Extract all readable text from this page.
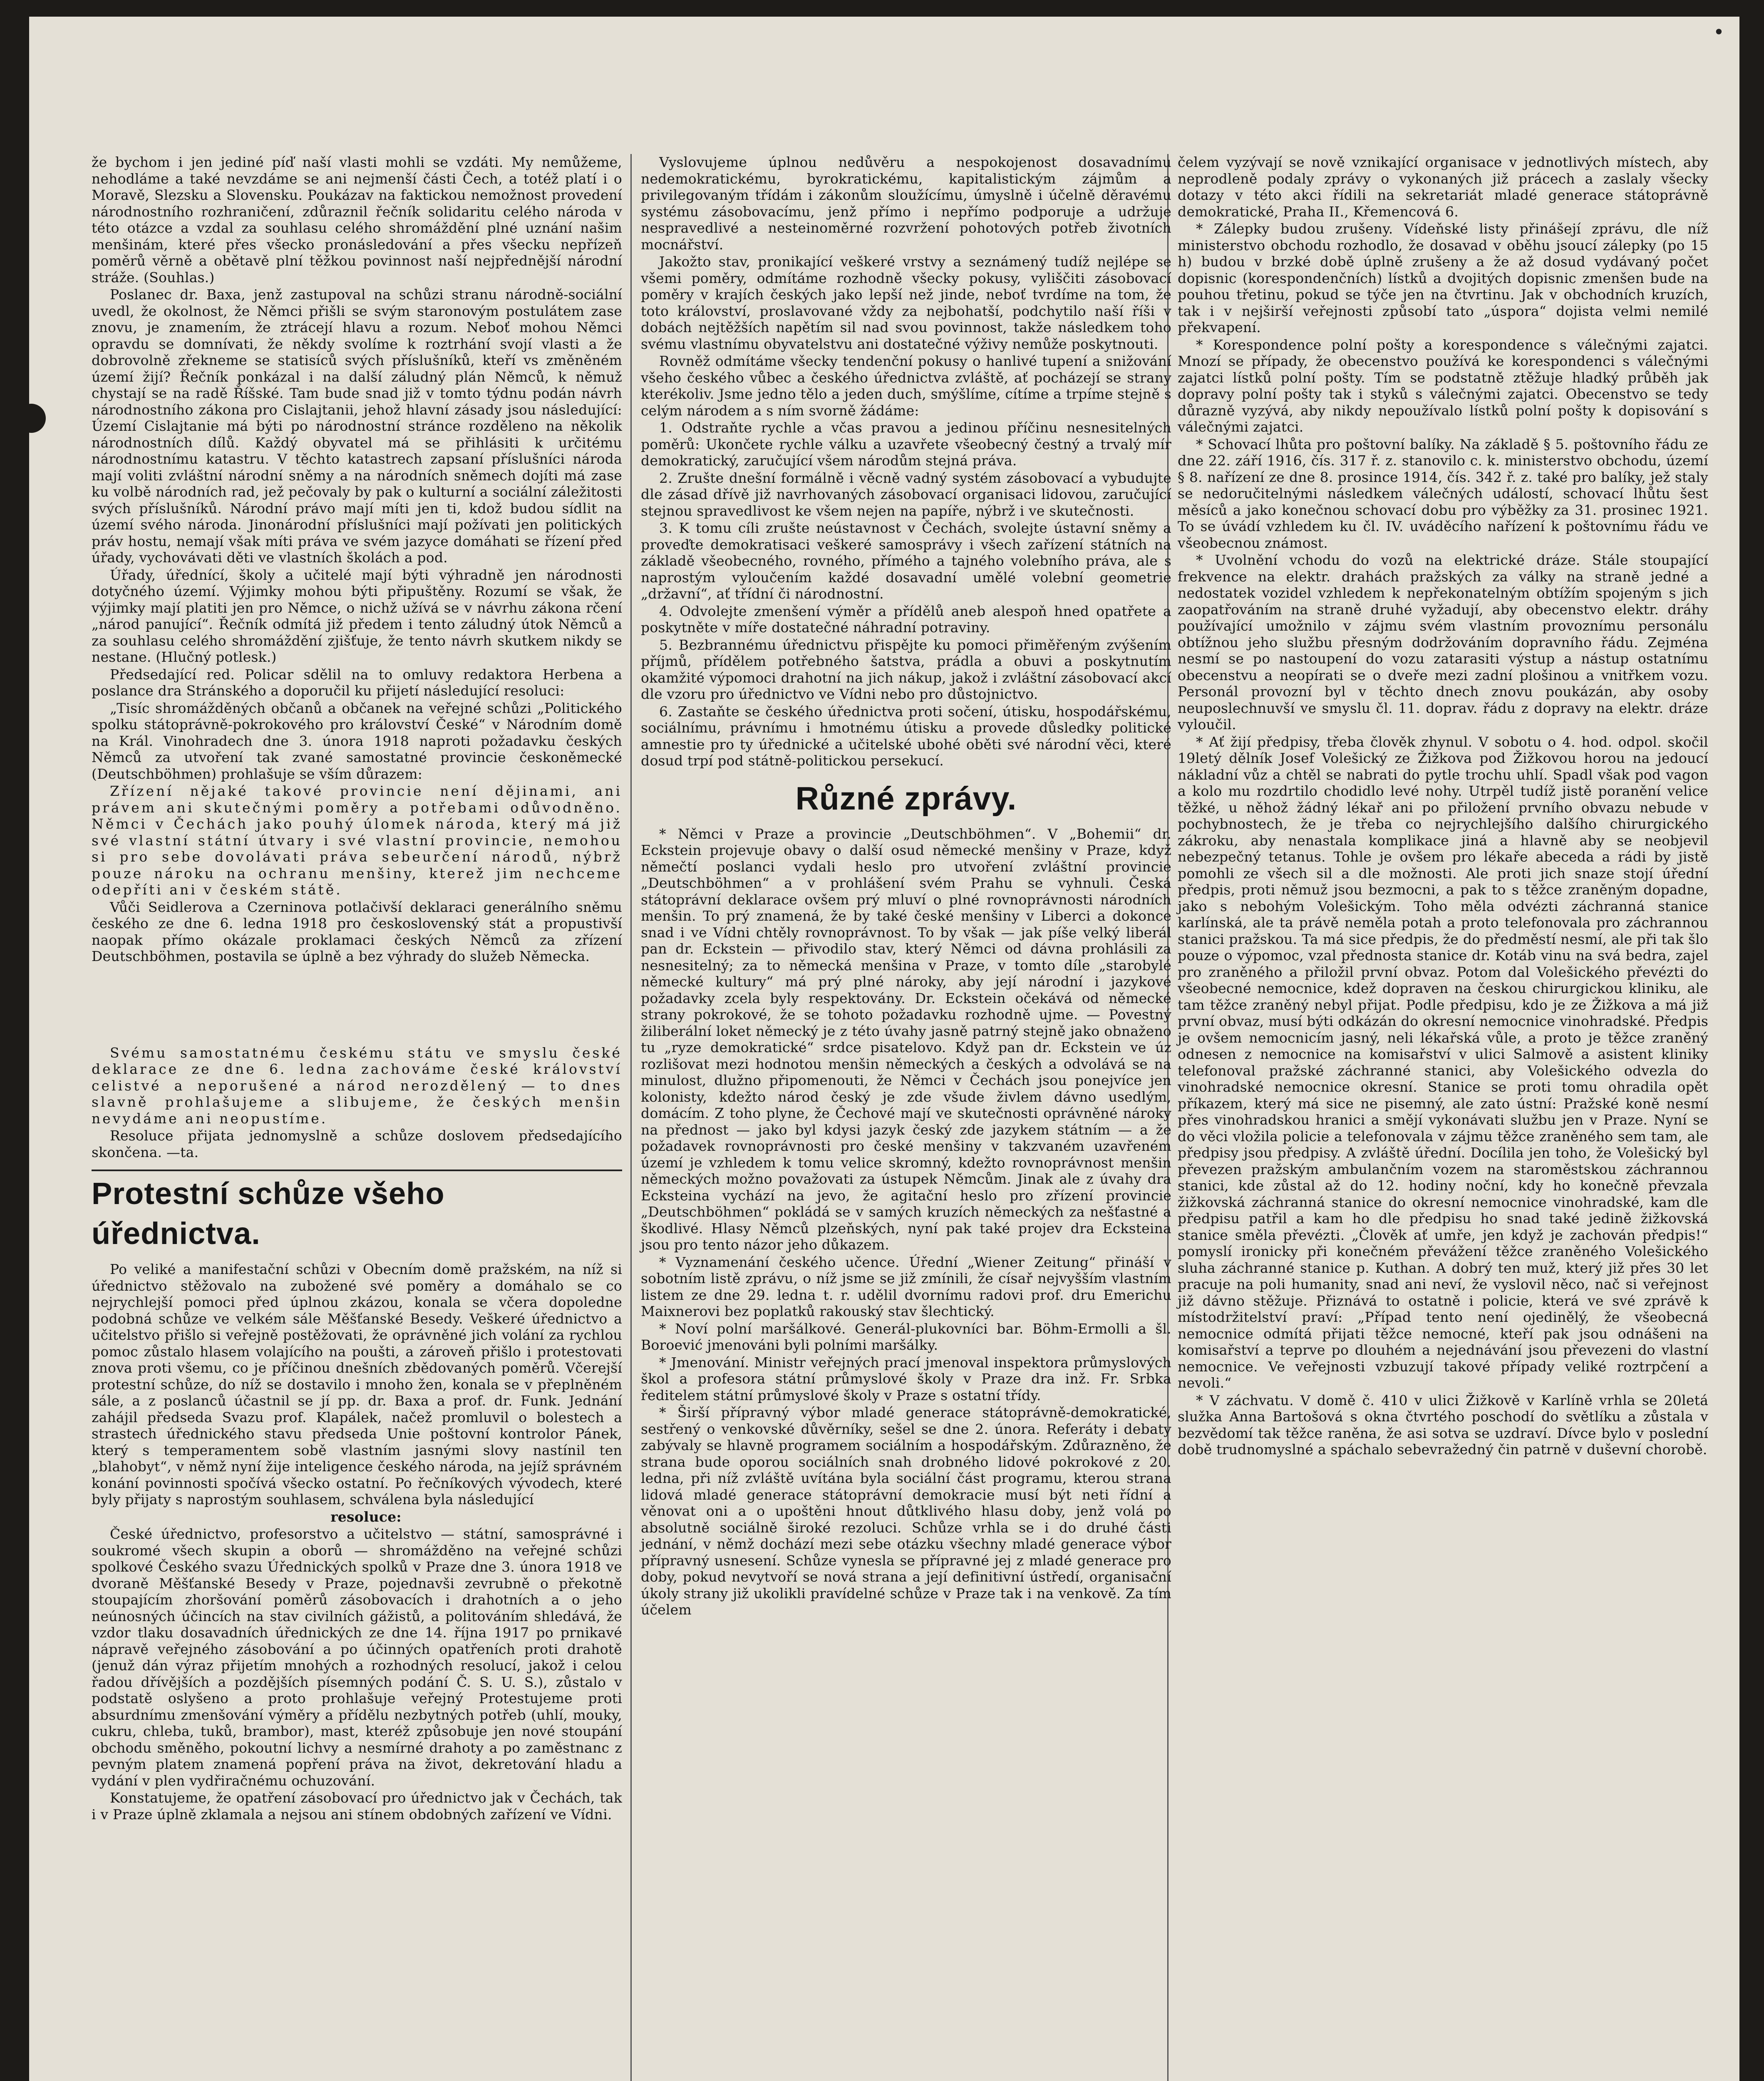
•

že bychom i jen jediné píď naší vlasti mohli se vzdáti. My nemůžeme, nehodláme a také nevzdáme se ani nejmenší části Čech, a totéž platí i o Moravě, Slezsku a Slovensku. Poukázav na faktickou nemožnost provedení národnostního rozhraničení, zdůraznil řečník solidaritu celého národa v této otázce a vzdal za souhlasu celého shromáždění plné uznání našim menšinám, které přes všecko pronásledování a přes všecku nepřízeň poměrů věrně a obětavě plní těžkou povinnost naší nejpřednější národní stráže. (Souhlas.)

Poslanec dr. Baxa, jenž zastupoval na schůzi stranu národně-sociální uvedl, že okolnost, že Němci přišli se svým staronovým postulátem zase znovu, je znamením, že ztrácejí hlavu a rozum. Neboť mohou Němci opravdu se domnívati, že někdy svolíme k roztrhání svojí vlasti a že dobrovolně zřekneme se statisíců svých příslušníků, kteří vs změněném území žijí? Řečník ponkázal i na další záludný plán Němců, k němuž chystají se na radě Říšské. Tam bude snad již v tomto týdnu podán návrh národnostního zákona pro Cislajtanii, jehož hlavní zásady jsou následující: Území Cislajtanie má býti po národnostní stránce rozděleno na několik národnostních dílů. Každý obyvatel má se přihlásiti k určitému národnostnímu katastru. V těchto katastrech zapsaní příslušníci národa mají voliti zvláštní národní sněmy a na národních sněmech dojíti má zase ku volbě národních rad, jež pečovaly by pak o kulturní a sociální záležitosti svých příslušníků. Národní právo mají míti jen ti, kdož budou sídlit na území svého národa. Jinonárodní příslušníci mají požívati jen politických práv hostu, nemají však míti práva ve svém jazyce domáhati se řízení před úřady, vychovávati děti ve vlastních školách a pod.

Úřady, úřednící, školy a učitelé mají býti výhradně jen národnosti dotyčného území. Výjimky mohou býti připuštěny. Rozumí se však, že výjimky mají platiti jen pro Němce, o nichž užívá se v návrhu zákona rčení „národ panující“. Řečník odmítá již předem i tento záludný útok Němců a za souhlasu celého shromáždění zjišťuje, že tento návrh skutkem nikdy se nestane. (Hlučný potlesk.)

Předsedající red. Policar sdělil na to omluvy redaktora Herbena a poslance dra Stránského a doporučil ku přijetí následující resoluci:

„Tisíc shromážděných občanů a občanek na veřejné schůzi „Politického spolku státoprávně-pokrokového pro království České“ v Národním domě na Král. Vinohradech dne 3. února 1918 naproti požadavku českých Němců za utvoření tak zvané samostatné provincie českoněmecké (Deutschböhmen) prohlašuje se vším důrazem:

Zřízení nějaké takové provincie není dějinami, ani právem ani skutečnými poměry a potřebami odůvodněno. Němci v Čechách jako pouhý úlomek národa, který má již své vlastní státní útvary i své vlastní provincie, nemohou si pro sebe dovolávati práva sebeurčení národů, nýbrž pouze nároku na ochranu menšiny, kterež jim nechceme odepříti ani v českém státě.

Vůči Seidlerova a Czerninova potlačivší deklaraci generálního sněmu českého ze dne 6. ledna 1918 pro československý stát a propustivší naopak přímo okázale proklamaci českých Němců za zřízení Deutschböhmen, postavila se úplně a bez výhrady do služeb Německa.

Svému samostatnému českému státu ve smyslu české deklarace ze dne 6. ledna zachováme české království celistvé a neporušené a národ nerozdělený — to dnes slavně prohlašujeme a slibujeme, že českých menšin nevydáme ani neopustíme.

Resoluce přijata jednomyslně a schůze doslovem předsedajícího skončena. —ta.

Protestní schůze všeho úřednictva.

Po veliké a manifestační schůzi v Obecním domě pražském, na níž si úřednictvo stěžovalo na zubožené své poměry a domáhalo se co nejrychlejší pomoci před úplnou zkázou, konala se včera dopoledne podobná schůze ve velkém sále Měšťanské Besedy. Veškeré úřednictvo a učitelstvo přišlo si veřejně postěžovati, že oprávněné jich volání za rychlou pomoc zůstalo hlasem volajícího na poušti, a zároveň přišlo i protestovati znova proti všemu, co je příčinou dnešních zbědovaných poměrů. Včerejší protestní schůze, do níž se dostavilo i mnoho žen, konala se v přeplněném sále, a z poslanců účastnil se jí pp. dr. Baxa a prof. dr. Funk. Jednání zahájil předseda Svazu prof. Klapálek, načež promluvil o bolestech a strastech úřednického stavu předseda Unie poštovní kontrolor Pánek, který s temperamentem sobě vlastním jasnými slovy nastínil ten „blahobyt“, v němž nyní žije inteligence českého národa, na jejíž správném konání povinnosti spočívá všecko ostatní. Po řečníkových vývodech, které byly přijaty s naprostým souhlasem, schválena byla následující

resoluce:

České úřednictvo, profesorstvo a učitelstvo — státní, samosprávné i soukromé všech skupin a oborů — shromážděno na veřejné schůzi spolkové Českého svazu Úřednických spolků v Praze dne 3. února 1918 ve dvoraně Měšťanské Besedy v Praze, pojednavši zevrubně o překotně stoupajícím zhoršování poměrů zásobovacích i drahotních a o jeho neúnosných účincích na stav civilních gážistů, a politováním shledává, že vzdor tlaku dosavadních úřednických ze dne 14. října 1917 po prnikavé nápravě veřejného zásobování a po účinných opatřeních proti drahotě (jenuž dán výraz přijetím mnohých a rozhodných resolucí, jakož i celou řadou dřívějších a pozdějších písemných podání Č. S. U. S.), zůstalo v podstatě oslyšeno a proto prohlašuje veřejný Protestujeme proti absurdnímu zmenšování výměry a přídělu nezbytných potřeb (uhlí, mouky, cukru, chleba, tuků, brambor), mast, kteréž způsobuje jen nové stoupání obchodu směněho, pokoutní lichvy a nesmírné drahoty a po zaměstnanc z pevným platem znamená popření práva na život, dekretování hladu a vydání v plen vydřiračnému ochuzování.

Konstatujeme, že opatření zásobovací pro úřednictvo jak v Čechách, tak i v Praze úplně zklamala a nejsou ani stínem obdobných zařízení ve Vídni.

Vyslovujeme úplnou nedůvěru a nespokojenost dosavadnímu nedemokratickému, byrokratickému, kapitalistickým zájmům a privilegovaným třídám i zákonům sloužícímu, úmyslně i účelně děravému systému zásobovacímu, jenž přímo i nepřímo podporuje a udržuje nespravedlivé a nesteinoměrné rozvržení pohotových potřeb životních mocnářství.

Jakožto stav, pronikající veškeré vrstvy a seznámený tudíž nejlépe se všemi poměry, odmítáme rozhodně všecky pokusy, vyliščiti zásobovací poměry v krajích českých jako lepší než jinde, neboť tvrdíme na tom, že toto království, proslavované vždy za nejbohatší, podchytilo naší říši v dobách nejtěžších napětím sil nad svou povinnost, takže následkem toho svému vlastnímu obyvatelstvu ani dostatečné výživy nemůže poskytnouti.

Rovněž odmítáme všecky tendenční pokusy o hanlivé tupení a snižování všeho českého vůbec a českého úřednictva zvláště, ať pocházejí se strany kterékoliv. Jsme jedno tělo a jeden duch, smýšlíme, cítíme a trpíme stejně s celým národem a s ním svorně žádáme:

1. Odstraňte rychle a včas pravou a jedinou příčinu nesnesitelných poměrů: Ukončete rychle válku a uzavřete všeobecný čestný a trvalý mír demokratický, zaručující všem národům stejná práva.

2. Zrušte dnešní formálně i věcně vadný systém zásobovací a vybudujte dle zásad dřívě již navrhovaných zásobovací organisaci lidovou, zaručující stejnou spravedlivost ke všem nejen na papíře, nýbrž i ve skutečnosti.

3. K tomu cíli zrušte neústavnost v Čechách, svolejte ústavní sněmy a proveďte demokratisaci veškeré samosprávy i všech zařízení státních na základě všeobecného, rovného, přímého a tajného volebního práva, ale s naprostým vyloučením každé dosavadní umělé volební geometrie „državní“, ať třídní či národnostní.

4. Odvolejte zmenšení výměr a přídělů aneb alespoň hned opatřete a poskytněte v míře dostatečné náhradní potraviny.

5. Bezbrannému úřednictvu přispějte ku pomoci přiměřeným zvýšením příjmů, přídělem potřebného šatstva, prádla a obuvi a poskytnutím okamžité výpomoci drahotní na jich nákup, jakož i zvláštní zásobovací akcí dle vzoru pro úřednictvo ve Vídni nebo pro důstojnictvo.

6. Zastaňte se českého úřednictva proti sočení, útisku, hospodářskému, sociálnímu, právnímu i hmotnému útisku a provede důsledky politické amnestie pro ty úřednické a učitelské ubohé oběti své národní věci, které dosud trpí pod státně-politickou persekucí.

Různé zprávy.

* Němci v Praze a provincie „Deutschböhmen“. V „Bohemii“ dr. Eckstein projevuje obavy o další osud německé menšiny v Praze, když němečtí poslanci vydali heslo pro utvoření zvláštní provincie „Deutschböhmen“ a v prohlášení svém Prahu se vyhnuli. Česká státoprávní deklarace ovšem prý mluví o plné rovnoprávnosti národních menšin. To prý znamená, že by také české menšiny v Liberci a dokonce snad i ve Vídni chtěly rovnoprávnost. To by však — jak píše velký liberál pan dr. Eckstein — přivodilo stav, který Němci od dávna prohlásili za nesnesitelný; za to německá menšina v Praze, v tomto díle „starobylé německé kultury“ má prý plné nároky, aby její národní i jazykové požadavky zcela byly respektovány. Dr. Eckstein očekává od německé strany pokrokové, že se tohoto požadavku rozhodně ujme. — Povestný žiliberální loket německý je z této úvahy jasně patrný stejně jako obnaženo tu „ryze demokratické“ srdce pisatelovo. Když pan dr. Eckstein ve úz rozlišovat mezi hodnotou menšin německých a českých a odvolává se na minulost, dlužno připomenouti, že Němci v Čechách jsou ponejvíce jen kolonisty, kdežto národ český je zde všude živlem dávno usedlým, domácím. Z toho plyne, že Čechové mají ve skutečnosti oprávněné nároky na přednost — jako byl kdysi jazyk český zde jazykem státním — a že požadavek rovnoprávnosti pro české menšiny v takzvaném uzavřeném území je vzhledem k tomu velice skromný, kdežto rovnoprávnost menšin německých možno považovati za ústupek Němcům. Jinak ale z úvahy dra Ecksteina vychází na jevo, že agitační heslo pro zřízení provincie „Deutschböhmen“ pokládá se v samých kruzích německých za nešťastné a škodlivé. Hlasy Němců plzeňských, nyní pak také projev dra Ecksteina jsou pro tento názor jeho důkazem.

* Vyznamenání českého učence. Úřední „Wiener Zeitung“ přináší v sobotním listě zprávu, o níž jsme se již zmínili, že císař nejvyšším vlastním listem ze dne 29. ledna t. r. udělil dvornímu radovi prof. dru Emerichu Maixnerovi bez poplatků rakouský stav šlechtický.

* Noví polní maršálkové. Generál-plukovníci bar. Böhm-Ermolli a šl. Boroević jmenováni byli polními maršálky.

* Jmenování. Ministr veřejných prací jmenoval inspektora průmyslových škol a profesora státní průmyslové školy v Praze dra inž. Fr. Srbka ředitelem státní průmyslové školy v Praze s ostatní třídy.

* Širší přípravný výbor mladé generace státoprávně-demokratické, sestřený o venkovské důvěrníky, sešel se dne 2. února. Referáty i debaty zabývaly se hlavně programem sociálním a hospodářským. Zdůrazněno, že strana bude oporou sociálních snah drobného lidové pokrokové z 20. ledna, při níž zvláště uvítána byla sociální část programu, kterou strana lidová mladé generace státoprávní demokracie musí být neti řídní a věnovat oni a o upoštěni hnout důtklivého hlasu doby, jenž volá po absolutně sociálně široké rezoluci. Schůze vrhla se i do druhé části jednání, v němž dochází mezi sebe otázku všechny mladé generace výbor přípravný usnesení. Schůze vynesla se přípravné jej z mladé generace pro doby, pokud nevytvoří se nová strana a její definitivní ústředí, organisační úkoly strany již ukolikli pravídelné schůze v Praze tak i na venkově. Za tím účelem

čelem vyzývají se nově vznikající organisace v jednotlivých místech, aby neprodleně podaly zprávy o vykonaných již prácech a zaslaly všecky dotazy v této akci řídili na sekretariát mladé generace státoprávně demokratické, Praha II., Křemencová 6.

* Zálepky budou zrušeny. Vídeňské listy přinášejí zprávu, dle níž ministerstvo obchodu rozhodlo, že dosavad v oběhu jsoucí zálepky (po 15 h) budou v brzké době úplně zrušeny a že až dosud vydávaný počet dopisnic (korespondenčních) lístků a dvojitých dopisnic zmenšen bude na pouhou třetinu, pokud se týče jen na čtvrtinu. Jak v obchodních kruzích, tak i v nejširší veřejnosti způsobí tato „úspora“ dojista velmi nemilé překvapení.

* Korespondence polní pošty a korespondence s válečnými zajatci. Mnozí se případy, že obecenstvo používá ke korespondenci s válečnými zajatci lístků polní pošty. Tím se podstatně ztěžuje hladký průběh jak dopravy polní pošty tak i styků s válečnými zajatci. Obecenstvo se tedy důrazně vyzývá, aby nikdy nepoužívalo lístků polní pošty k dopisování s válečnými zajatci.

* Schovací lhůta pro poštovní balíky. Na základě § 5. poštovního řádu ze dne 22. září 1916, čís. 317 ř. z. stanovilo c. k. ministerstvo obchodu, území § 8. nařízení ze dne 8. prosince 1914, čís. 342 ř. z. také pro balíky, jež staly se nedoručitelnými následkem válečných událostí, schovací lhůtu šest měsíců a jako konečnou schovací dobu pro výběžky za 31. prosinec 1921. To se úvádí vzhledem ku čl. IV. uváděcího nařízení k poštovnímu řádu ve všeobecnou známost.

* Uvolnění vchodu do vozů na elektrické dráze. Stále stoupající frekvence na elektr. drahách pražských za války na straně jedné a nedostatek vozidel vzhledem k nepřekonatelným obtížím spojeným s jich zaopatřováním na straně druhé vyžadují, aby obecenstvo elektr. dráhy používající umožnilo v zájmu svém vlastním provoznímu personálu obtížnou jeho službu přesným dodržováním dopravního řádu. Zejména nesmí se po nastoupení do vozu zatarasiti výstup a nástup ostatnímu obecenstvu a neopírati se o dveře mezi zadní plošinou a vnitřkem vozu. Personál provozní byl v těchto dnech znovu poukázán, aby osoby neuposlechnuvší ve smyslu čl. 11. doprav. řádu z dopravy na elektr. dráze vyloučil.

* Ať žijí předpisy, třeba člověk zhynul. V sobotu o 4. hod. odpol. skočil 19letý dělník Josef Volešický ze Žižkova pod Žižkovou horou na jedoucí nákladní vůz a chtěl se nabrati do pytle trochu uhlí. Spadl však pod vagon a kolo mu rozdrtilo chodidlo levé nohy. Utrpěl tudíž jistě poranění velice těžké, u něhož žádný lékař ani po přiložení prvního obvazu nebude v pochybnostech, že je třeba co nejrychlejšího dalšího chirurgického zákroku, aby nenastala komplikace jiná a hlavně aby se neobjevil nebezpečný tetanus. Tohle je ovšem pro lékaře abeceda a rádi by jistě pomohli ze všech sil a dle možnosti. Ale proti jich snaze stojí úřední předpis, proti němuž jsou bezmocni, a pak to s těžce zraněným dopadne, jako s nebohým Volešickým. Toho měla odvézti záchranná stanice karlínská, ale ta právě neměla potah a proto telefonovala pro záchrannou stanici pražskou. Ta má sice předpis, že do předměstí nesmí, ale při tak šlo pouze o výpomoc, vzal přednosta stanice dr. Kotáb vinu na svá bedra, zajel pro zraněného a přiložil první obvaz. Potom dal Volešického převézti do všeobecné nemocnice, kdež dopraven na českou chirurgickou kliniku, ale tam těžce zraněný nebyl přijat. Podle předpisu, kdo je ze Žižkova a má již první obvaz, musí býti odkázán do okresní nemocnice vinohradské. Předpis je ovšem nemocnicím jasný, neli lékařská vůle, a proto je těžce zraněný odnesen z nemocnice na komisařství v ulici Salmově a asistent kliniky telefonoval pražské záchranné stanici, aby Volešického odvezla do vinohradské nemocnice okresní. Stanice se proti tomu ohradila opět příkazem, který má sice ne pisemný, ale zato ústní: Pražské koně nesmí přes vinohradskou hranici a smějí vykonávati službu jen v Praze. Nyní se do věci vložila policie a telefonovala v zájmu těžce zraněného sem tam, ale předpisy jsou předpisy. A zvláště úřední. Docílila jen toho, že Volešický byl převezen pražským ambulančním vozem na staroměstskou záchrannou stanici, kde zůstal až do 12. hodiny noční, kdy ho konečně převzala žižkovská záchranná stanice do okresní nemocnice vinohradské, kam dle předpisu patřil a kam ho dle předpisu ho snad také jedině žižkovská stanice směla převézti. „Člověk ať umře, jen když je zachován předpis!“ pomyslí ironicky při konečném převážení těžce zraněného Volešického sluha záchranné stanice p. Kuthan. A dobrý ten muž, který již přes 30 let pracuje na poli humanity, snad ani neví, že vyslovil něco, nač si veřejnost již dávno stěžuje. Přiznává to ostatně i policie, která ve své zprávě k místodržitelství praví: „Případ tento není ojedinělý, že všeobecná nemocnice odmítá přijati těžce nemocné, kteří pak jsou odnášeni na komisařství a teprve po dlouhém a nejednávání jsou převezeni do vlastní nemocnice. Ve veřejnosti vzbuzují takové případy veliké roztrpčení a nevoli.“

* V záchvatu. V domě č. 410 v ulici Žižkově v Karlíně vrhla se 20letá služka Anna Bartošová s okna čtvrtého poschodí do světlíku a zůstala v bezvědomí tak těžce raněna, že asi sotva se uzdraví. Dívce bylo v poslední době trudnomyslné a spáchalo sebevražedný čin patrně v duševní chorobě.
